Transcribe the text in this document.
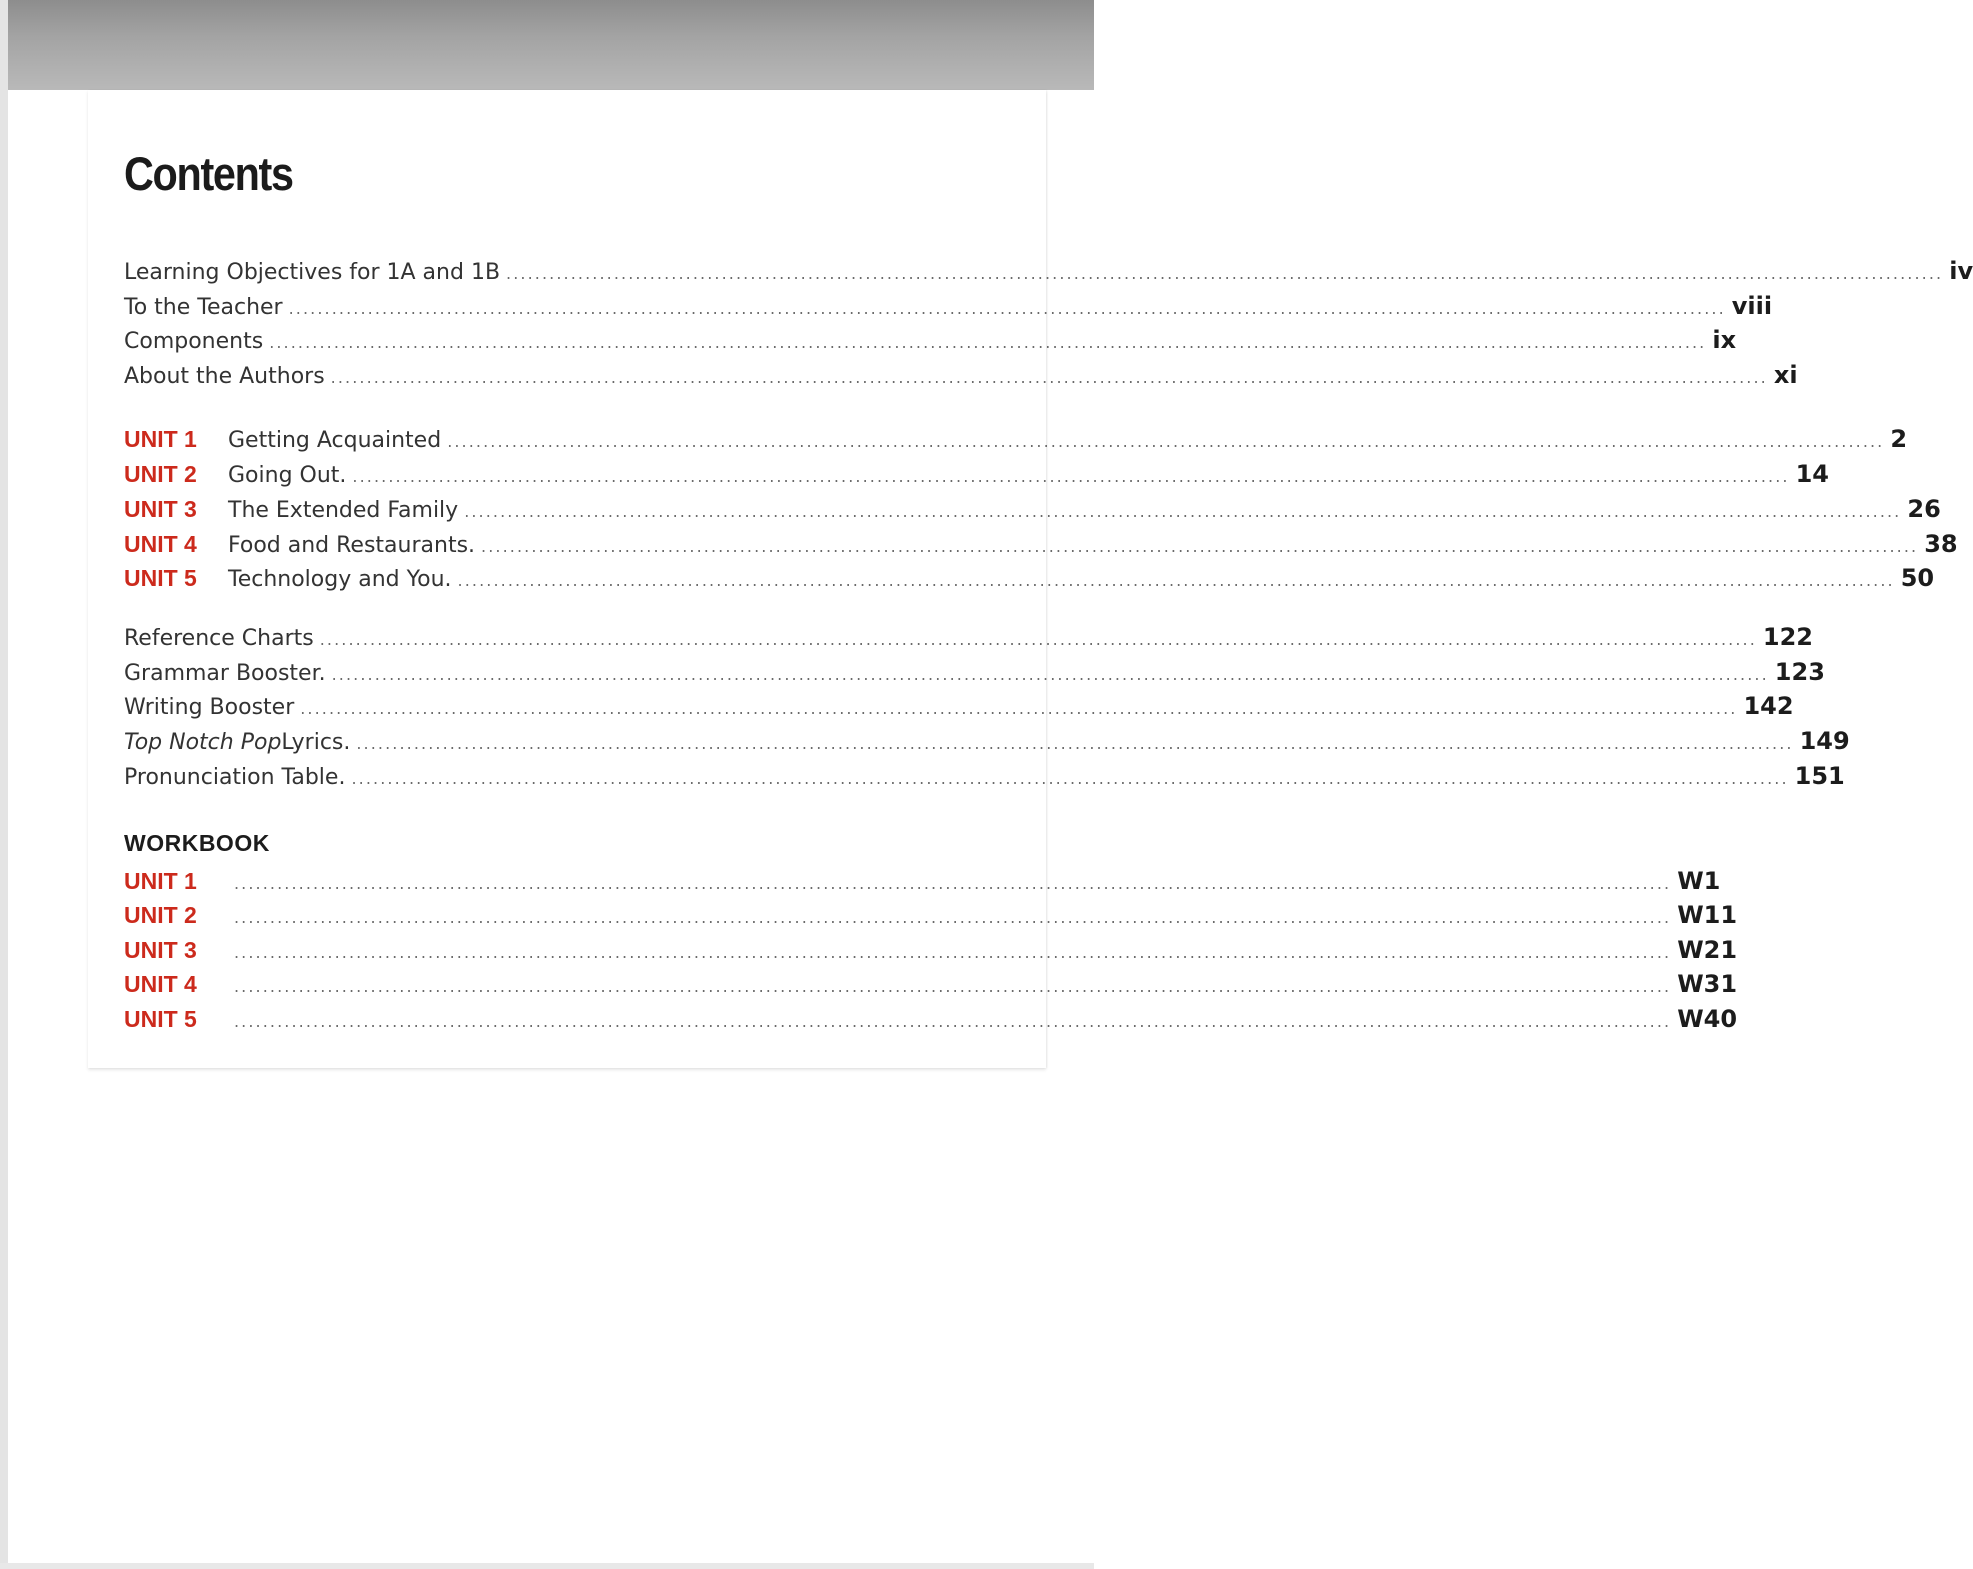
Contents
Learning Objectives for 1A and 1B ........................................................................................................................................................................................................ iv
To the Teacher ........................................................................................................................................................................................................ viii
Components ........................................................................................................................................................................................................ ix
About the Authors ........................................................................................................................................................................................................ xi
UNIT 1	Getting Acquainted ........................................................................................................................................................................................................ 2
UNIT 2	Going Out. ........................................................................................................................................................................................................ 14
UNIT 3	The Extended Family ........................................................................................................................................................................................................ 26
UNIT 4	Food and Restaurants. ........................................................................................................................................................................................................ 38
UNIT 5	Technology and You. ........................................................................................................................................................................................................ 50
Reference Charts ........................................................................................................................................................................................................ 122
Grammar Booster. ........................................................................................................................................................................................................ 123
Writing Booster ........................................................................................................................................................................................................ 142
Top Notch Pop Lyrics. ........................................................................................................................................................................................................ 149
Pronunciation Table. ........................................................................................................................................................................................................ 151
WORKBOOK
UNIT 1	........................................................................................................................................................................................................ W1
UNIT 2	........................................................................................................................................................................................................ W11
UNIT 3	........................................................................................................................................................................................................ W21
UNIT 4	........................................................................................................................................................................................................ W31
UNIT 5	........................................................................................................................................................................................................ W40
